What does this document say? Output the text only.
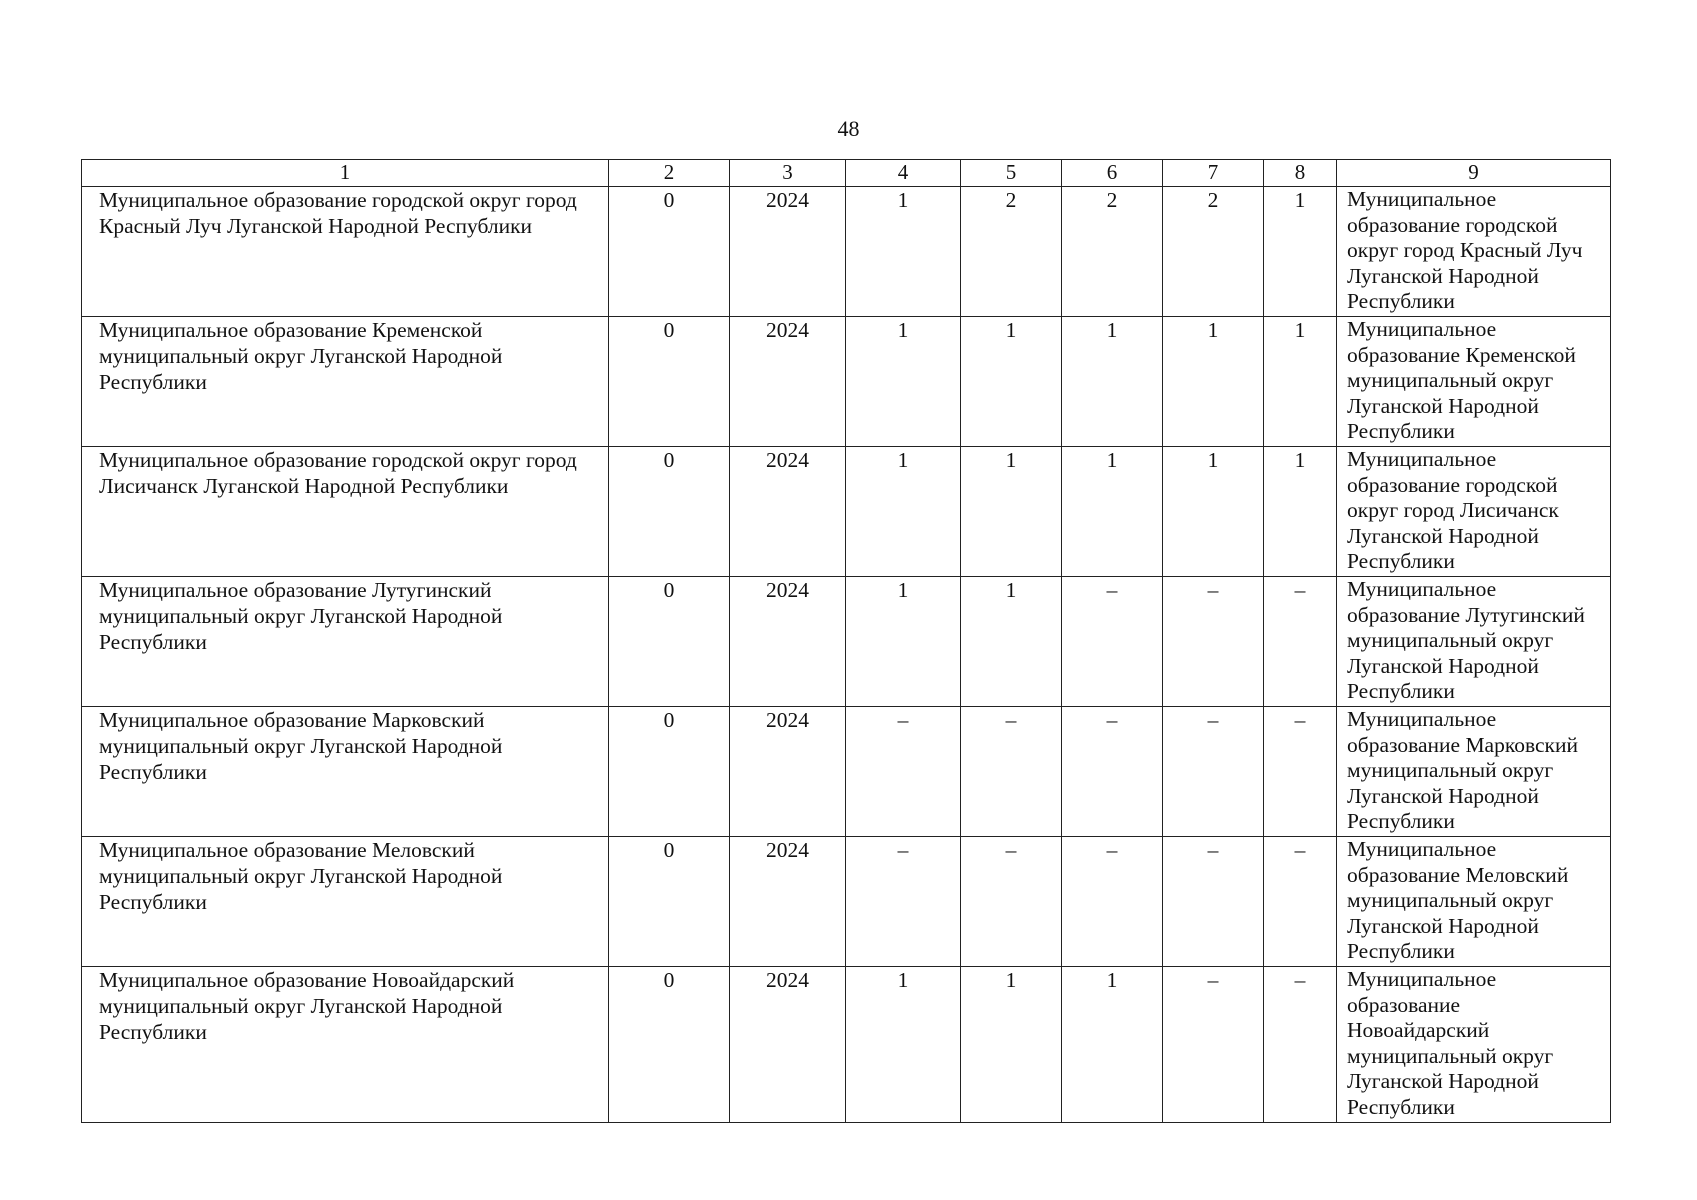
48
1	2	3	4	5	6	7	8	9
Муниципальное образование городской округ город Красный Луч Луганской Народной Республики	0	2024	1	2	2	2	1	Муниципальное образование городской округ город Красный Луч Луганской Народной Республики
Муниципальное образование Кременской муниципальный округ Луганской Народной Республики	0	2024	1	1	1	1	1	Муниципальное образование Кременской муниципальный округ Луганской Народной Республики
Муниципальное образование городской округ город Лисичанск Луганской Народной Республики	0	2024	1	1	1	1	1	Муниципальное образование городской округ город Лисичанск Луганской Народной Республики
Муниципальное образование Лутугинский муниципальный округ Луганской Народной Республики	0	2024	1	1	–	–	–	Муниципальное образование Лутугинский муниципальный округ Луганской Народной Республики
Муниципальное образование Марковский муниципальный округ Луганской Народной Республики	0	2024	–	–	–	–	–	Муниципальное образование Марковский муниципальный округ Луганской Народной Республики
Муниципальное образование Меловский муниципальный округ Луганской Народной Республики	0	2024	–	–	–	–	–	Муниципальное образование Меловский муниципальный округ Луганской Народной Республики
Муниципальное образование Новоайдарский муниципальный округ Луганской Народной Республики	0	2024	1	1	1	–	–	Муниципальное образование Новоайдарский муниципальный округ Луганской Народной Республики
